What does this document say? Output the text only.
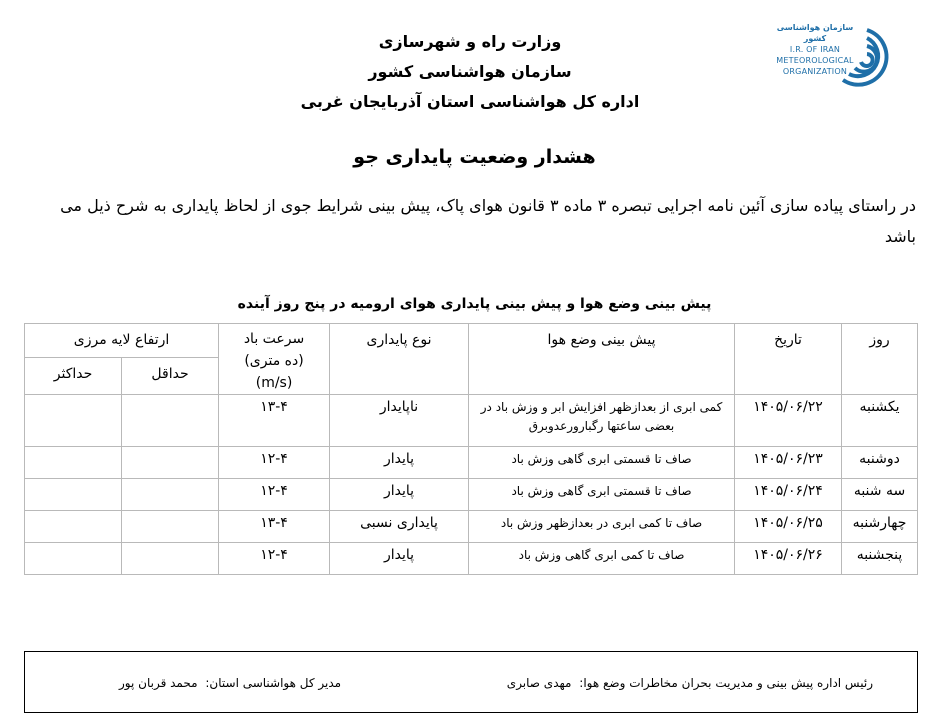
سازمان هواشناسی کشور
I.R. OF IRAN
METEOROLOGICAL
ORGANIZATION
وزارت راه و شهرسازی
سازمان هواشناسی کشور
اداره کل هواشناسی استان آذربایجان غربی
هشدار وضعیت پایداری جو
در راستای پیاده سازی آئین نامه اجرایی تبصره ۳ ماده ۳ قانون هوای پاک، پیش بینی شرایط جوی از لحاظ پایداری به شرح ذیل می باشد
پیش بینی وضع هوا و پیش بینی پایداری هوای ارومیه در پنج روز آینده
روز	تاریخ	پیش بینی وضع هوا	نوع پایداری	سرعت باد
(ده متری)
(m/s)	ارتفاع لایه مرزی	
					حداقل	حداکثر
یکشنبه	۱۴۰۵/۰۶/۲۲	کمی ابری از بعدازظهر افزایش ابر و وزش باد در بعضی ساعتها رگبارورعدوبرق	ناپایدار	۱۳-۴		
دوشنبه	۱۴۰۵/۰۶/۲۳	صاف تا قسمتی ابری گاهی وزش باد	پایدار	۱۲-۴		
سه شنبه	۱۴۰۵/۰۶/۲۴	صاف تا قسمتی ابری گاهی وزش باد	پایدار	۱۲-۴		
چهارشنبه	۱۴۰۵/۰۶/۲۵	صاف تا کمی ابری در بعدازظهر وزش باد	پایداری نسبی	۱۳-۴		
پنجشنبه	۱۴۰۵/۰۶/۲۶	صاف تا کمی ابری گاهی وزش باد	پایدار	۱۲-۴		
رئیس اداره پیش بینی و مدیریت بحران مخاطرات وضع هوا: مهدی صابری
مدیر کل هواشناسی استان: محمد قربان پور
